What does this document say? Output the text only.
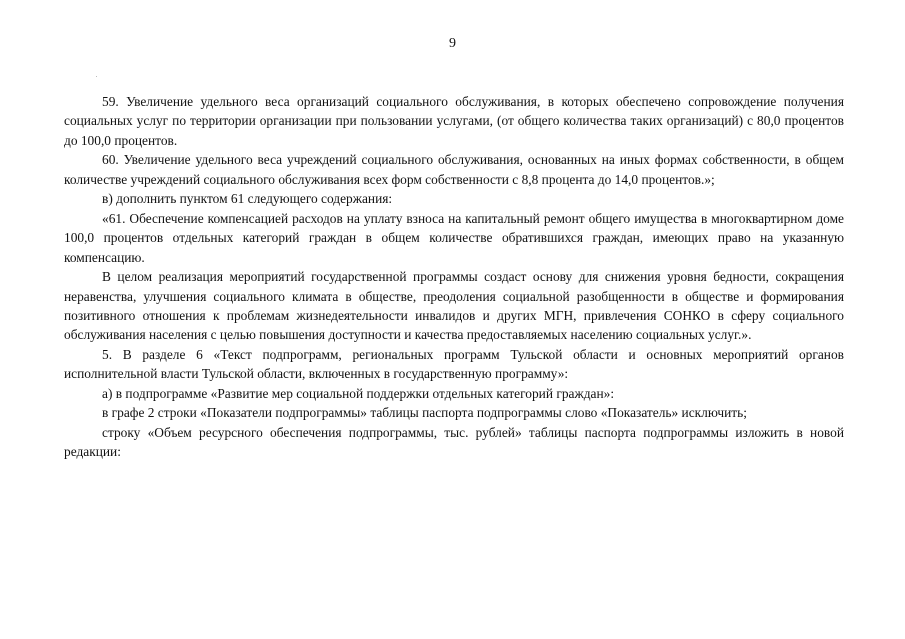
9

59. Увеличение удельного веса организаций социального обслуживания, в которых обеспечено сопровождение получения социальных услуг по территории организации при пользовании услугами, (от общего количества таких организаций) с 80,0 процентов до 100,0 процентов.

60. Увеличение удельного веса учреждений социального обслуживания, основанных на иных формах собственности, в общем количестве учреждений социального обслуживания всех форм собственности с 8,8 процента до 14,0 процентов.»;

в) дополнить пунктом 61 следующего содержания:

«61. Обеспечение компенсацией расходов на уплату взноса на капитальный ремонт общего имущества в многоквартирном доме 100,0 процентов отдельных категорий граждан в общем количестве обратившихся граждан, имеющих право на указанную компенсацию.

В целом реализация мероприятий государственной программы создаст основу для снижения уровня бедности, сокращения неравенства, улучшения социального климата в обществе, преодоления социальной разобщенности в обществе и формирования позитивного отношения к проблемам жизнедеятельности инвалидов и других МГН, привлечения СОНКО в сферу социального обслуживания населения с целью повышения доступности и качества предоставляемых населению социальных услуг.».

5. В разделе 6 «Текст подпрограмм, региональных программ Тульской области и основных мероприятий органов исполнительной власти Тульской области, включенных в государственную программу»:

а) в подпрограмме «Развитие мер социальной поддержки отдельных категорий граждан»:

в графе 2 строки «Показатели подпрограммы» таблицы паспорта подпрограммы слово «Показатель» исключить;

строку «Объем ресурсного обеспечения подпрограммы, тыс. рублей» таблицы паспорта подпрограммы изложить в новой редакции:
